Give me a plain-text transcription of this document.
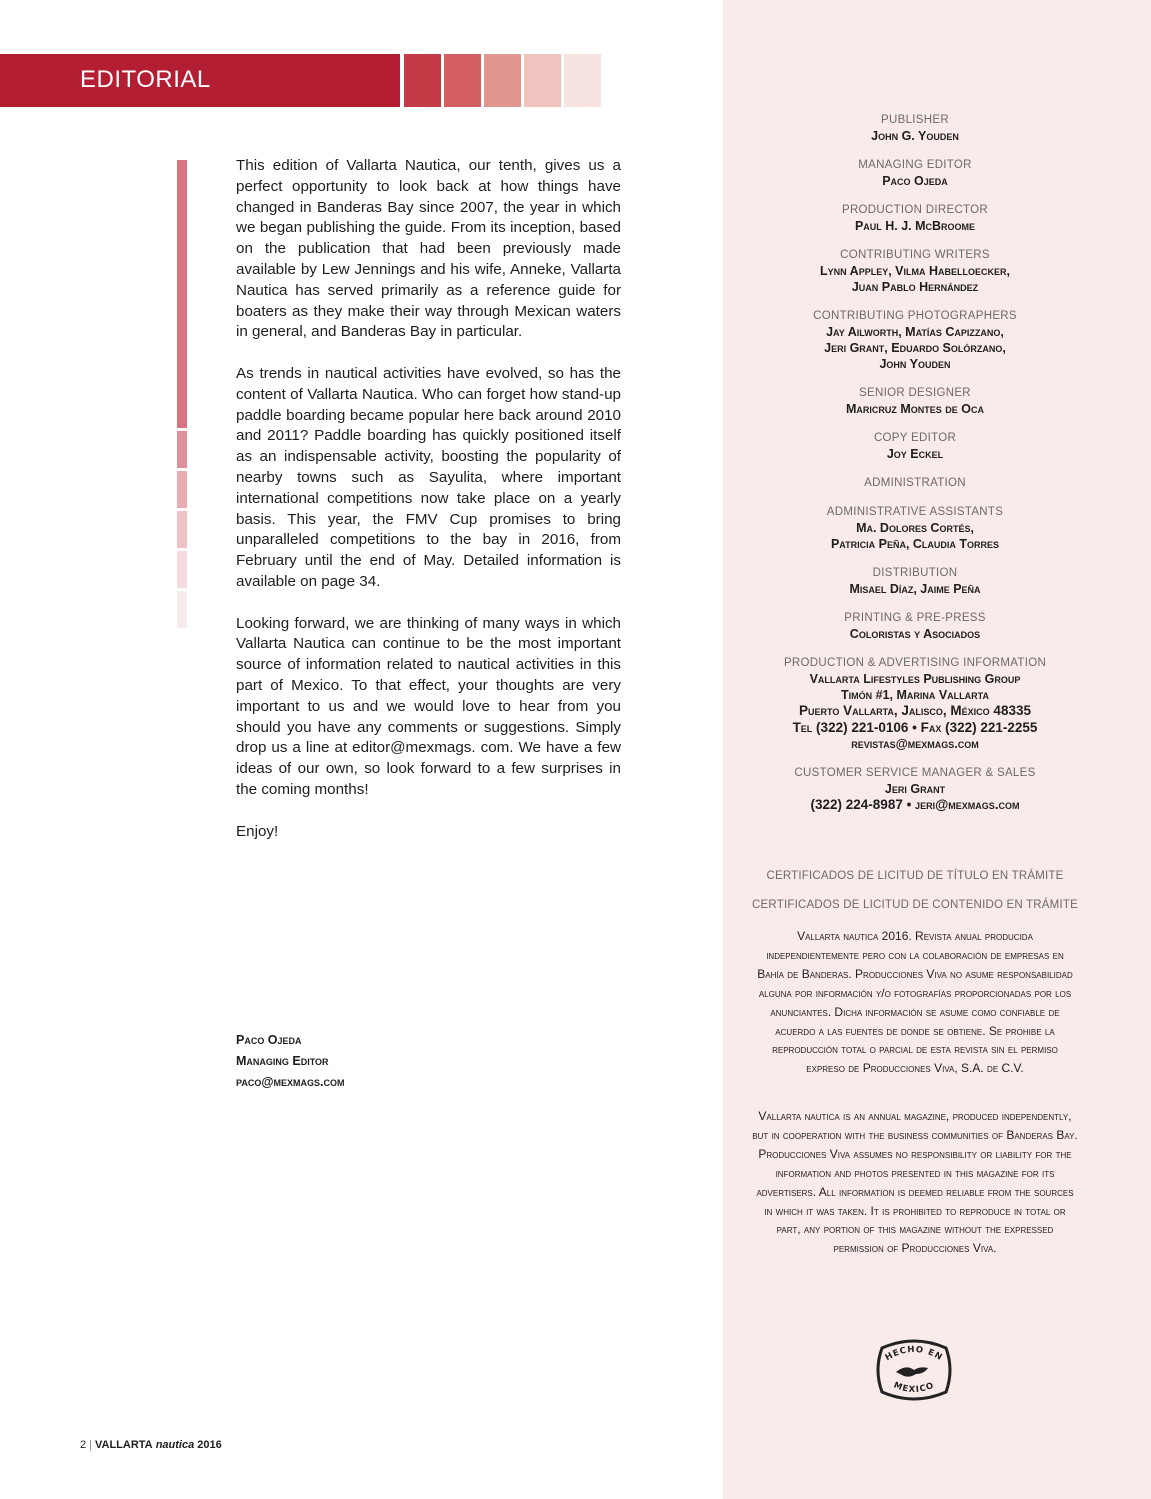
EDITORIAL

This edition of Vallarta Nautica, our tenth, gives us a perfect opportunity to look back at how things have changed in Banderas Bay since 2007, the year in which we began publishing the guide. From its inception, based on the publication that had been previously made available by Lew Jennings and his wife, Anneke, Vallarta Nautica has served primarily as a reference guide for boaters as they make their way through Mexican waters in general, and Banderas Bay in particular.

As trends in nautical activities have evolved, so has the content of Vallarta Nautica. Who can forget how stand-up paddle boarding became popular here back around 2010 and 2011? Paddle boarding has quickly positioned itself as an indispensable activity, boosting the popularity of nearby towns such as Sayulita, where important international competitions now take place on a yearly basis. This year, the FMV Cup promises to bring unparalleled competitions to the bay in 2016, from February until the end of May. Detailed information is available on page 34.

Looking forward, we are thinking of many ways in which Vallarta Nautica can continue to be the most important source of information related to nautical activities in this part of Mexico. To that effect, your thoughts are very important to us and we would love to hear from you should you have any comments or suggestions. Simply drop us a line at editor@mexmags. com. We have a few ideas of our own, so look forward to a few surprises in the coming months!

Enjoy!

Paco Ojeda
Managing Editor
paco@mexmags.com
PUBLISHER
John G. Youden
MANAGING EDITOR
Paco Ojeda
PRODUCTION DIRECTOR
Paul H. J. McBroome
CONTRIBUTING WRITERS
Lynn Appley, Vilma Habelloecker,
Juan Pablo Hernández
CONTRIBUTING PHOTOGRAPHERS
Jay Ailworth, Matías Capizzano,
Jeri Grant, Eduardo Solórzano,
John Youden
SENIOR DESIGNER
Maricruz Montes de Oca
COPY EDITOR
Joy Eckel
ADMINISTRATION
ADMINISTRATIVE ASSISTANTS
Ma. Dolores Cortés,
Patricia Peña, Claudia Torres
DISTRIBUTION
Misael Díaz, Jaime Peña
PRINTING & PRE-PRESS
Coloristas y Asociados
PRODUCTION & ADVERTISING INFORMATION
Vallarta Lifestyles Publishing Group
Timón #1, Marina Vallarta
Puerto Vallarta, Jalisco, México 48335
Tel (322) 221-0106 • Fax (322) 221-2255
revistas@mexmags.com
CUSTOMER SERVICE MANAGER & SALES
Jeri Grant
(322) 224-8987 • jeri@mexmags.com
CERTIFICADOS DE LICITUD DE TÍTULO EN TRÁMITE
CERTIFICADOS DE LICITUD DE CONTENIDO EN TRÁMITE
Vallarta nautica 2016. Revista anual producida independientemente pero con la colaboración de empresas en Bahía de Banderas. Producciones Viva no asume responsabilidad alguna por información y/o fotografías proporcionadas por los anunciantes. Dicha información se asume como confiable de acuerdo a las fuentes de donde se obtiene. Se prohibe la reproducción total o parcial de esta revista sin el permiso expreso de Producciones Viva, S.A. de C.V.
Vallarta nautica is an annual magazine, produced independently, but in cooperation with the business communities of Banderas Bay. Producciones Viva assumes no responsibility or liability for the information and photos presented in this magazine for its advertisers. All information is deemed reliable from the sources in which it was taken. It is prohibited to reproduce in total or part, any portion of this magazine without the expressed permission of Producciones Viva.
HECHO EN
MEXICO
2 | VALLARTA nautica 2016
